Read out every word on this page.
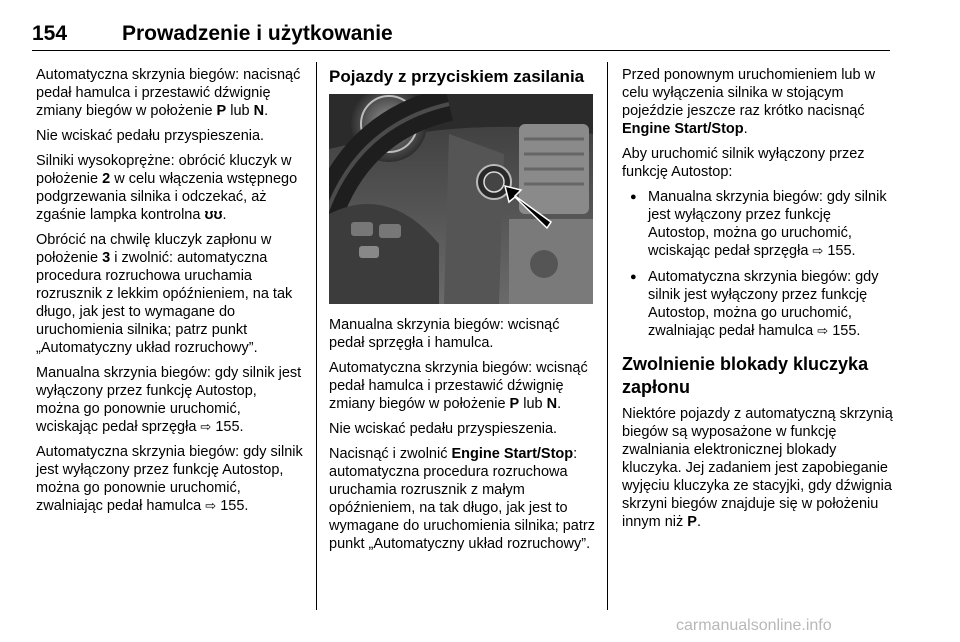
154	Prowadzenie i użytkowanie

Automatyczna skrzynia biegów: nacisnąć pedał hamulca i przestawić dźwignię zmiany biegów w położenie P lub N.

Nie wciskać pedału przyspieszenia.

Silniki wysokoprężne: obrócić kluczyk w położenie 2 w celu włączenia wstępnego podgrzewania silnika i odczekać, aż zgaśnie lampka kontrolna ʊʊ.

Obrócić na chwilę kluczyk zapłonu w położenie 3 i zwolnić: automatyczna procedura rozruchowa uruchamia rozrusznik z lekkim opóźnieniem, na tak długo, jak jest to wymagane do uruchomienia silnika; patrz punkt „Automatyczny układ rozruchowy”.

Manualna skrzynia biegów: gdy silnik jest wyłączony przez funkcję Autostop, można go ponownie uruchomić, wciskając pedał sprzęgła ⇨ 155.

Automatyczna skrzynia biegów: gdy silnik jest wyłączony przez funkcję Autostop, można go ponownie uruchomić, zwalniając pedał hamulca ⇨ 155.

Pojazdy z przyciskiem zasilania

Manualna skrzynia biegów: wcisnąć pedał sprzęgła i hamulca.

Automatyczna skrzynia biegów: wcisnąć pedał hamulca i przestawić dźwignię zmiany biegów w położenie P lub N.

Nie wciskać pedału przyspieszenia.

Nacisnąć i zwolnić Engine Start/Stop: automatyczna procedura rozruchowa uruchamia rozrusznik z małym opóźnieniem, na tak długo, jak jest to wymagane do uruchomienia silnika; patrz punkt „Automatyczny układ rozruchowy”.

Przed ponownym uruchomieniem lub w celu wyłączenia silnika w stojącym pojeździe jeszcze raz krótko nacisnąć Engine Start/Stop.

Aby uruchomić silnik wyłączony przez funkcję Autostop:

● Manualna skrzynia biegów: gdy silnik jest wyłączony przez funkcję Autostop, można go uruchomić, wciskając pedał sprzęgła ⇨ 155.
● Automatyczna skrzynia biegów: gdy silnik jest wyłączony przez funkcję Autostop, można go uruchomić, zwalniając pedał hamulca ⇨ 155.
Zwolnienie blokady kluczyka zapłonu

Niektóre pojazdy z automatyczną skrzynią biegów są wyposażone w funkcję zwalniania elektronicznej blokady kluczyka. Jej zadaniem jest zapobieganie wyjęciu kluczyka ze stacyjki, gdy dźwignia skrzyni biegów znajduje się w położeniu innym niż P.

carmanualsonline.info
